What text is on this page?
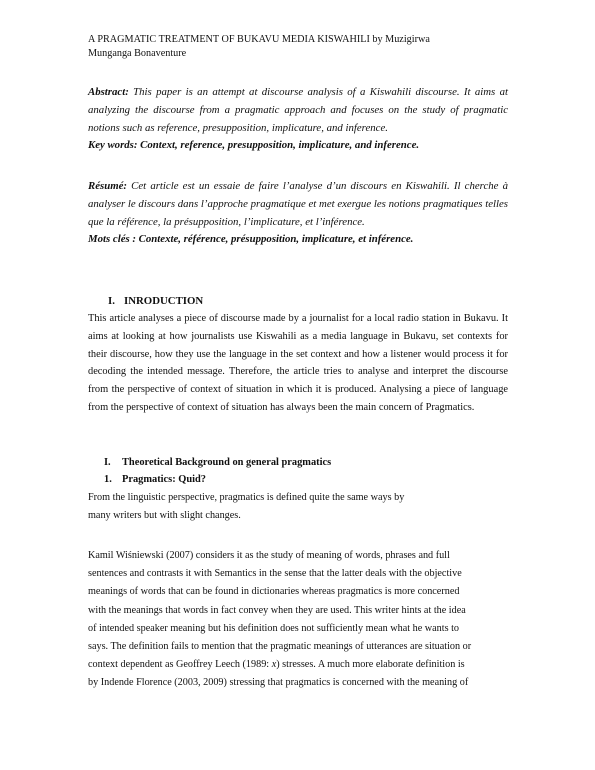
A PRAGMATIC TREATMENT OF BUKAVU MEDIA KISWAHILI by Muzigirwa
Munganga Bonaventure
Abstract: This paper is an attempt at discourse analysis of a Kiswahili discourse. It aims at analyzing the discourse from a pragmatic approach and focuses on the study of pragmatic notions such as reference, presupposition, implicature, and inference.
Key words: Context, reference, presupposition, implicature, and inference.
Résumé: Cet article est un essaie de faire l’analyse d’un discours en Kiswahili. Il cherche à analyser le discours dans l’approche pragmatique et met exergue les notions pragmatiques telles que la référence, la présupposition, l’implicature, et l’inférence.
Mots clés : Contexte, référence, présupposition, implicature, et inférence.
I. INRODUCTION
This article analyses a piece of discourse made by a journalist for a local radio station in Bukavu. It aims at looking at how journalists use Kiswahili as a media language in Bukavu, set contexts for their discourse, how they use the language in the set context and how a listener would process it for decoding the intended message. Therefore, the article tries to analyse and interpret the discourse from the perspective of context of situation in which it is produced. Analysing a piece of language from the perspective of context of situation has always been the main concern of Pragmatics.
I. Theoretical Background on general pragmatics
1. Pragmatics: Quid?
From the linguistic perspective, pragmatics is defined quite the same ways by many writers but with slight changes.
Kamil Wiśniewski (2007) considers it as the study of meaning of words, phrases and full
sentences and contrasts it with Semantics in the sense that the latter deals with the objective
meanings of words that can be found in dictionaries whereas pragmatics is more concerned
with the meanings that words in fact convey when they are used. This writer hints at the idea
of intended speaker meaning but his definition does not sufficiently mean what he wants to
says. The definition fails to mention that the pragmatic meanings of utterances are situation or
context dependent as Geoffrey Leech (1989: x) stresses. A much more elaborate definition is
by Indende Florence (2003, 2009) stressing that pragmatics is concerned with the meaning of
